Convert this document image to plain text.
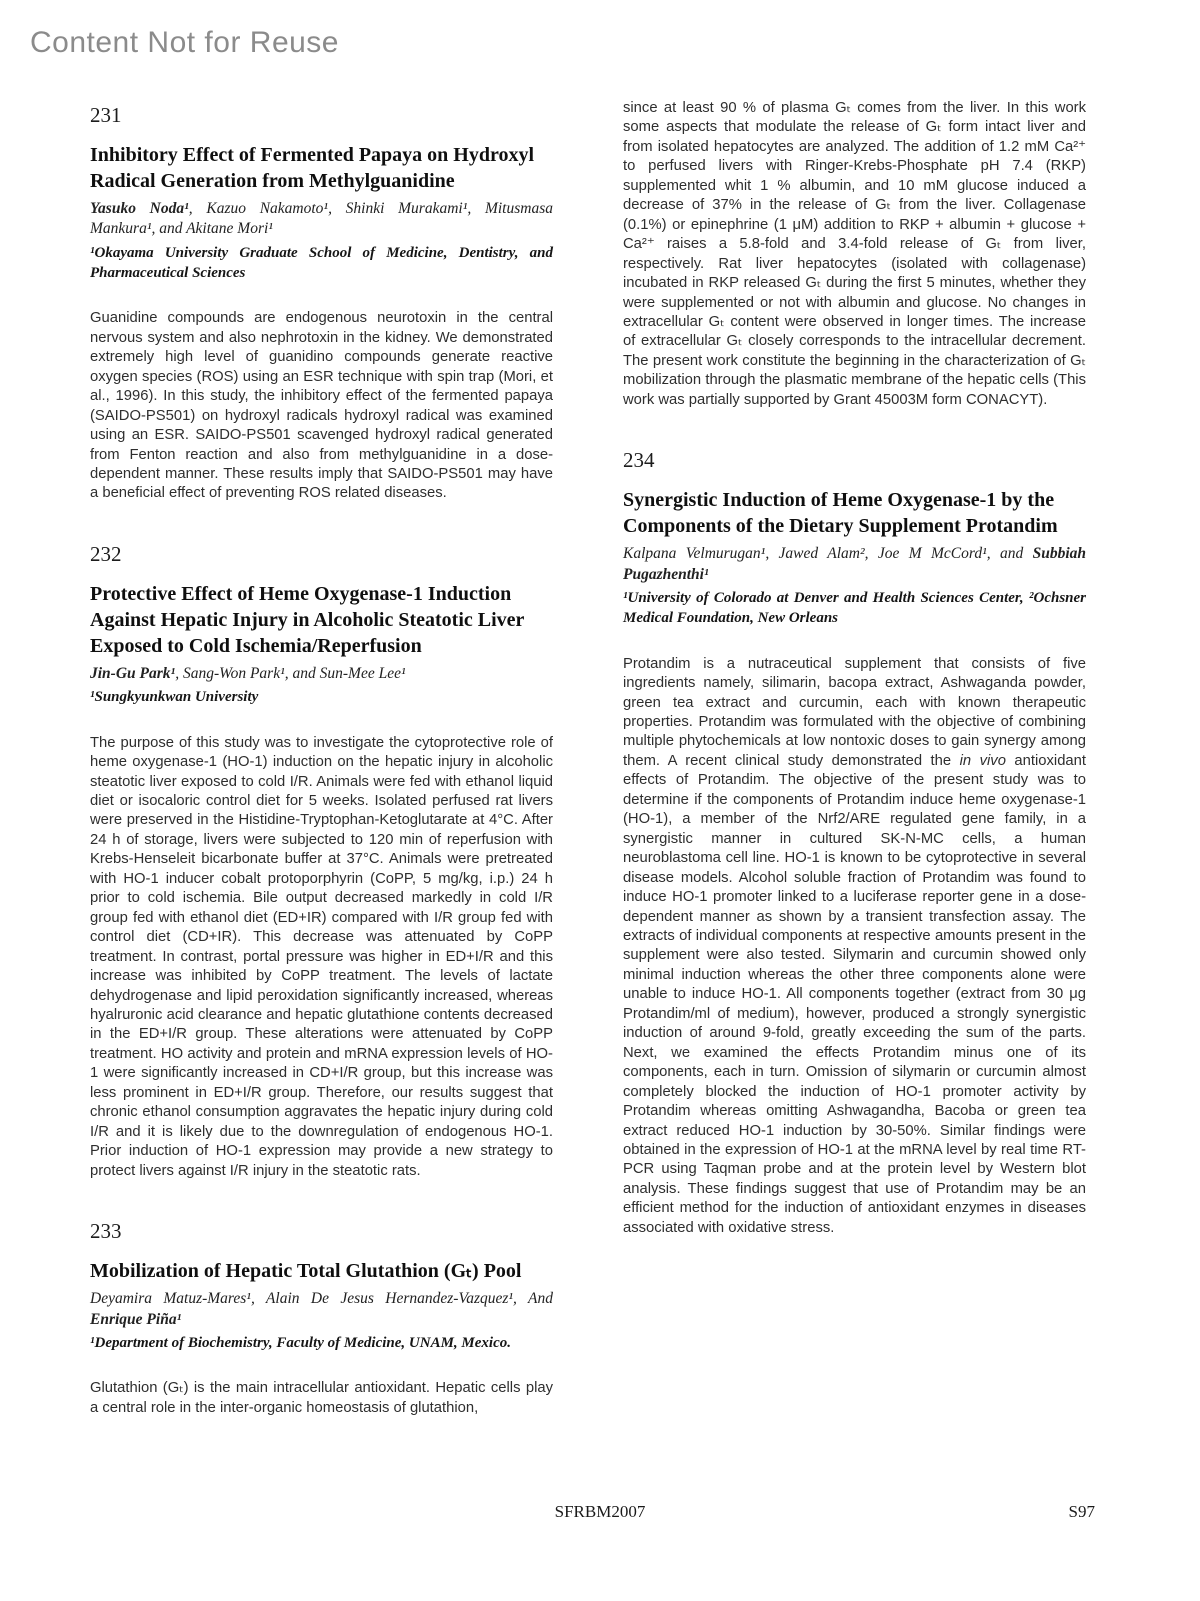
Content Not for Reuse
231
Inhibitory Effect of Fermented Papaya on Hydroxyl Radical Generation from Methylguanidine
Yasuko Noda¹, Kazuo Nakamoto¹, Shinki Murakami¹, Mitusmasa Mankura¹, and Akitane Mori¹
¹Okayama University Graduate School of Medicine, Dentistry, and Pharmaceutical Sciences
Guanidine compounds are endogenous neurotoxin in the central nervous system and also nephrotoxin in the kidney. We demonstrated extremely high level of guanidino compounds generate reactive oxygen species (ROS) using an ESR technique with spin trap (Mori, et al., 1996). In this study, the inhibitory effect of the fermented papaya (SAIDO-PS501) on hydroxyl radicals hydroxyl radical was examined using an ESR. SAIDO-PS501 scavenged hydroxyl radical generated from Fenton reaction and also from methylguanidine in a dose-dependent manner. These results imply that SAIDO-PS501 may have a beneficial effect of preventing ROS related diseases.
232
Protective Effect of Heme Oxygenase-1 Induction Against Hepatic Injury in Alcoholic Steatotic Liver Exposed to Cold Ischemia/Reperfusion
Jin-Gu Park¹, Sang-Won Park¹, and Sun-Mee Lee¹
¹Sungkyunkwan University
The purpose of this study was to investigate the cytoprotective role of heme oxygenase-1 (HO-1) induction on the hepatic injury in alcoholic steatotic liver exposed to cold I/R. Animals were fed with ethanol liquid diet or isocaloric control diet for 5 weeks. Isolated perfused rat livers were preserved in the Histidine-Tryptophan-Ketoglutarate at 4°C. After 24 h of storage, livers were subjected to 120 min of reperfusion with Krebs-Henseleit bicarbonate buffer at 37°C. Animals were pretreated with HO-1 inducer cobalt protoporphyrin (CoPP, 5 mg/kg, i.p.) 24 h prior to cold ischemia. Bile output decreased markedly in cold I/R group fed with ethanol diet (ED+IR) compared with I/R group fed with control diet (CD+IR). This decrease was attenuated by CoPP treatment. In contrast, portal pressure was higher in ED+I/R and this increase was inhibited by CoPP treatment. The levels of lactate dehydrogenase and lipid peroxidation significantly increased, whereas hyalruronic acid clearance and hepatic glutathione contents decreased in the ED+I/R group. These alterations were attenuated by CoPP treatment. HO activity and protein and mRNA expression levels of HO-1 were significantly increased in CD+I/R group, but this increase was less prominent in ED+I/R group. Therefore, our results suggest that chronic ethanol consumption aggravates the hepatic injury during cold I/R and it is likely due to the downregulation of endogenous HO-1. Prior induction of HO-1 expression may provide a new strategy to protect livers against I/R injury in the steatotic rats.
233
Mobilization of Hepatic Total Glutathion (Gₜ) Pool
Deyamira Matuz-Mares¹, Alain De Jesus Hernandez-Vazquez¹, And Enrique Piña¹
¹Department of Biochemistry, Faculty of Medicine, UNAM, Mexico.
Glutathion (Gₜ) is the main intracellular antioxidant. Hepatic cells play a central role in the inter-organic homeostasis of glutathion,
since at least 90 % of plasma Gₜ comes from the liver. In this work some aspects that modulate the release of Gₜ form intact liver and from isolated hepatocytes are analyzed. The addition of 1.2 mM Ca²⁺ to perfused livers with Ringer-Krebs-Phosphate pH 7.4 (RKP) supplemented whit 1 % albumin, and 10 mM glucose induced a decrease of 37% in the release of Gₜ from the liver. Collagenase (0.1%) or epinephrine (1 μM) addition to RKP + albumin + glucose + Ca²⁺ raises a 5.8-fold and 3.4-fold release of Gₜ from liver, respectively. Rat liver hepatocytes (isolated with collagenase) incubated in RKP released Gₜ during the first 5 minutes, whether they were supplemented or not with albumin and glucose. No changes in extracellular Gₜ content were observed in longer times. The increase of extracellular Gₜ closely corresponds to the intracellular decrement. The present work constitute the beginning in the characterization of Gₜ mobilization through the plasmatic membrane of the hepatic cells (This work was partially supported by Grant 45003M form CONACYT).
234
Synergistic Induction of Heme Oxygenase-1 by the Components of the Dietary Supplement Protandim
Kalpana Velmurugan¹, Jawed Alam², Joe M McCord¹, and Subbiah Pugazhenthi¹
¹University of Colorado at Denver and Health Sciences Center, ²Ochsner Medical Foundation, New Orleans
Protandim is a nutraceutical supplement that consists of five ingredients namely, silimarin, bacopa extract, Ashwaganda powder, green tea extract and curcumin, each with known therapeutic properties. Protandim was formulated with the objective of combining multiple phytochemicals at low nontoxic doses to gain synergy among them. A recent clinical study demonstrated the in vivo antioxidant effects of Protandim. The objective of the present study was to determine if the components of Protandim induce heme oxygenase-1 (HO-1), a member of the Nrf2/ARE regulated gene family, in a synergistic manner in cultured SK-N-MC cells, a human neuroblastoma cell line. HO-1 is known to be cytoprotective in several disease models. Alcohol soluble fraction of Protandim was found to induce HO-1 promoter linked to a luciferase reporter gene in a dose-dependent manner as shown by a transient transfection assay. The extracts of individual components at respective amounts present in the supplement were also tested. Silymarin and curcumin showed only minimal induction whereas the other three components alone were unable to induce HO-1. All components together (extract from 30 μg Protandim/ml of medium), however, produced a strongly synergistic induction of around 9-fold, greatly exceeding the sum of the parts. Next, we examined the effects Protandim minus one of its components, each in turn. Omission of silymarin or curcumin almost completely blocked the induction of HO-1 promoter activity by Protandim whereas omitting Ashwagandha, Bacoba or green tea extract reduced HO-1 induction by 30-50%. Similar findings were obtained in the expression of HO-1 at the mRNA level by real time RT-PCR using Taqman probe and at the protein level by Western blot analysis. These findings suggest that use of Protandim may be an efficient method for the induction of antioxidant enzymes in diseases associated with oxidative stress.
SFRBM2007	S97
